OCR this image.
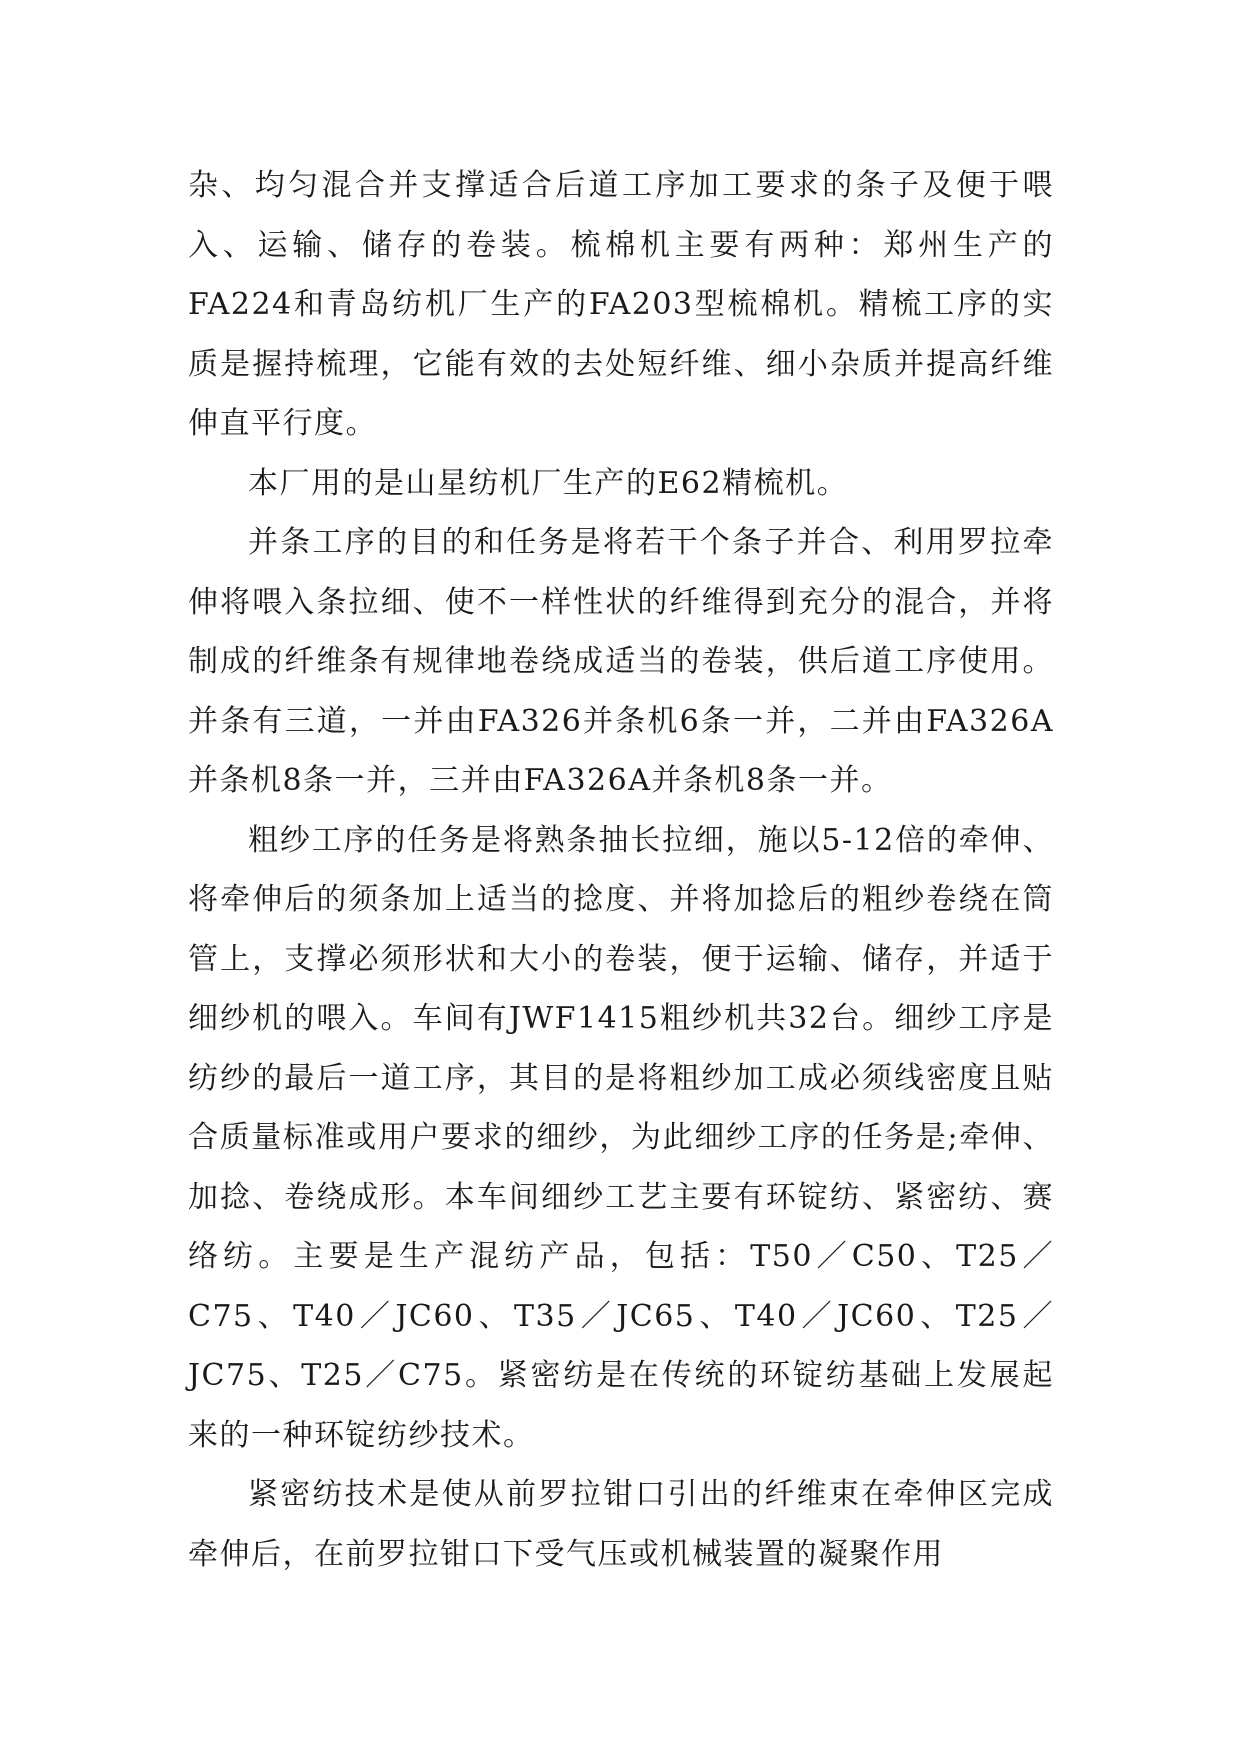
杂、均匀混合并支撑适合后道工序加工要求的条子及便于喂入、运输、储存的卷装。梳棉机主要有两种：郑州生产的FA224和青岛纺机厂生产的FA203型梳棉机。精梳工序的实质是握持梳理，它能有效的去处短纤维、细小杂质并提高纤维伸直平行度。

本厂用的是山星纺机厂生产的E62精梳机。

并条工序的目的和任务是将若干个条子并合、利用罗拉牵伸将喂入条拉细、使不一样性状的纤维得到充分的混合，并将制成的纤维条有规律地卷绕成适当的卷装，供后道工序使用。并条有三道，一并由FA326并条机6条一并，二并由FA326A并条机8条一并，三并由FA326A并条机8条一并。

粗纱工序的任务是将熟条抽长拉细，施以5-12倍的牵伸、将牵伸后的须条加上适当的捻度、并将加捻后的粗纱卷绕在筒管上，支撑必须形状和大小的卷装，便于运输、储存，并适于细纱机的喂入。车间有JWF1415粗纱机共32台。细纱工序是纺纱的最后一道工序，其目的是将粗纱加工成必须线密度且贴合质量标准或用户要求的细纱，为此细纱工序的任务是;牵伸、加捻、卷绕成形。本车间细纱工艺主要有环锭纺、紧密纺、赛络纺。主要是生产混纺产品，包括：T50／C50、T25／C75、T40／JC60、T35／JC65、T40／JC60、T25／JC75、T25／C75。紧密纺是在传统的环锭纺基础上发展起来的一种环锭纺纱技术。

紧密纺技术是使从前罗拉钳口引出的纤维束在牵伸区完成牵伸后，在前罗拉钳口下受气压或机械装置的凝聚作用
